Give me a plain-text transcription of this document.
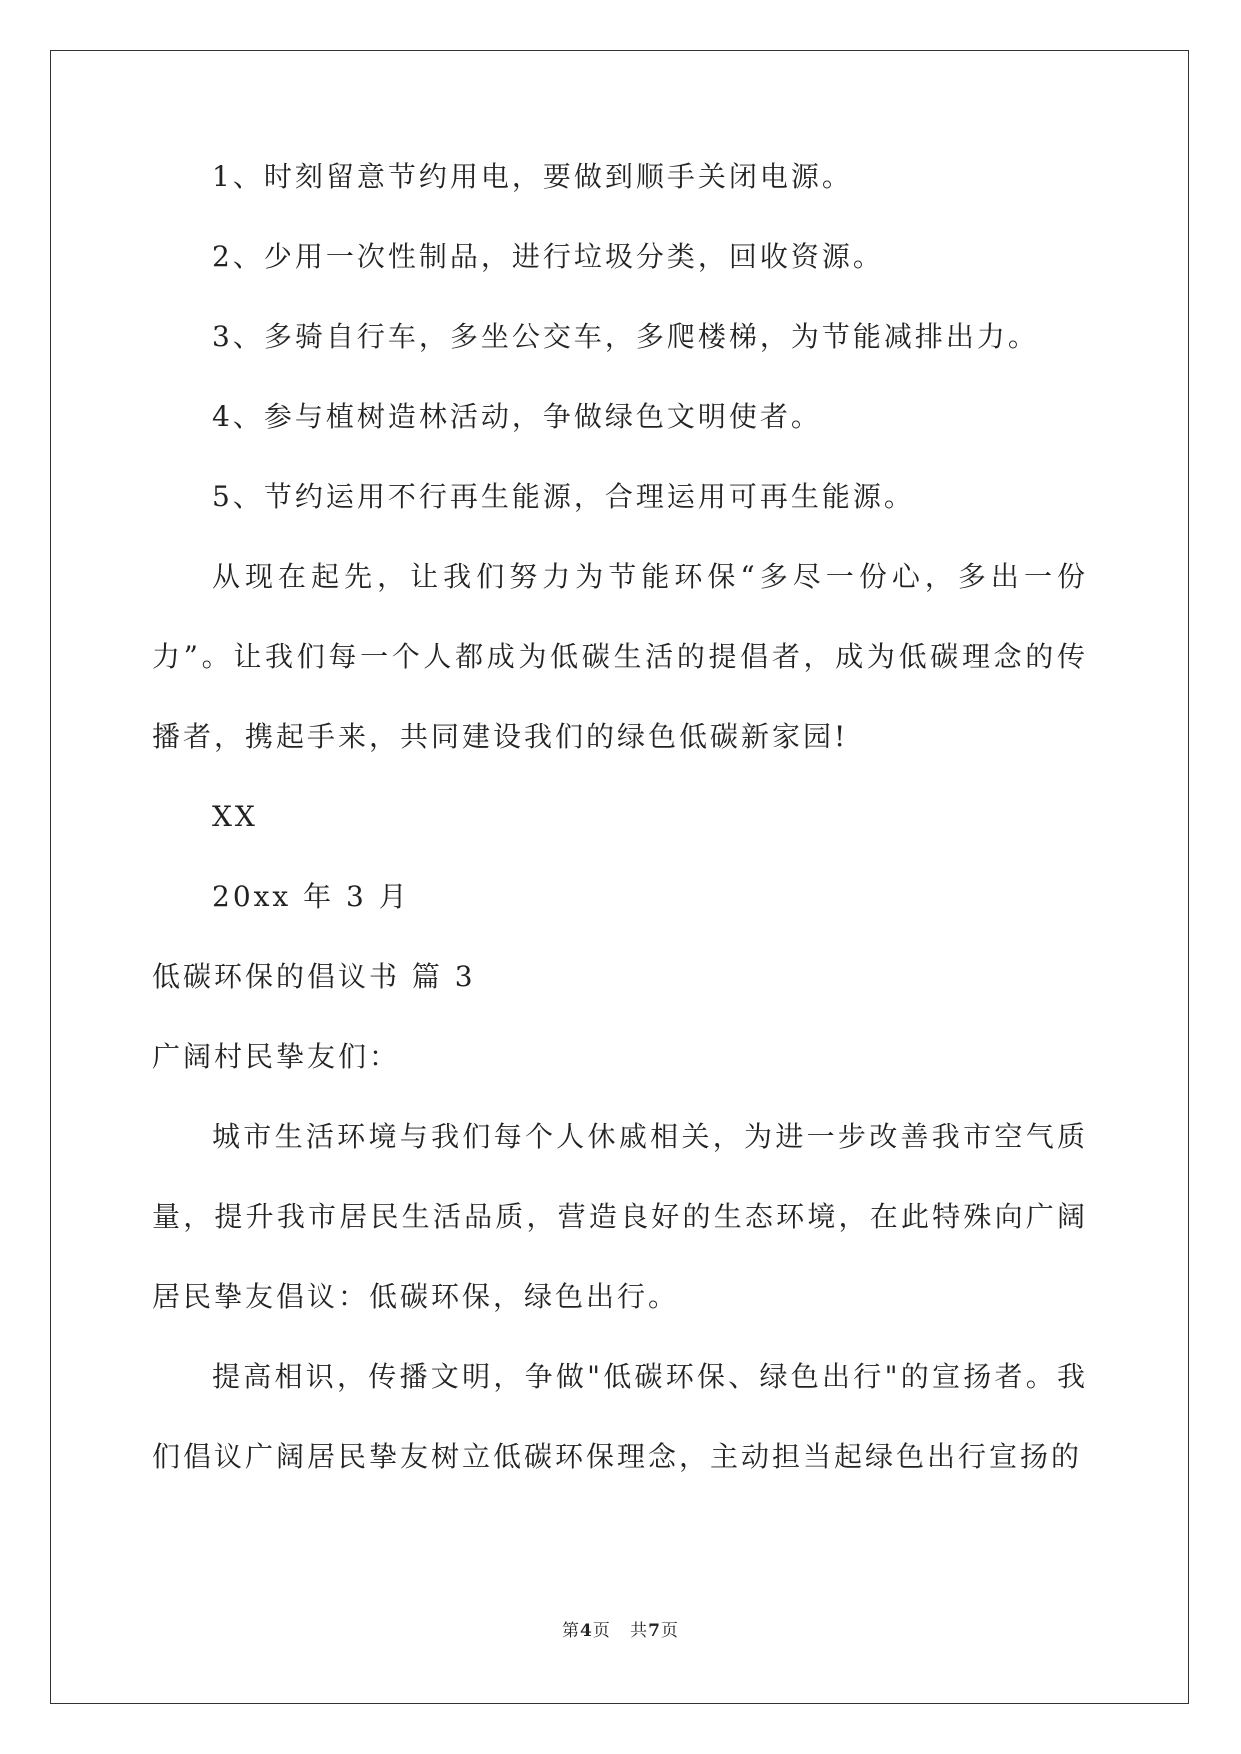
1、时刻留意节约用电，要做到顺手关闭电源。
2、少用一次性制品，进行垃圾分类，回收资源。
3、多骑自行车，多坐公交车，多爬楼梯，为节能减排出力。
4、参与植树造林活动，争做绿色文明使者。
5、节约运用不行再生能源，合理运用可再生能源。

从现在起先，让我们努力为节能环保“多尽一份心，多出一份力”。让我们每一个人都成为低碳生活的提倡者，成为低碳理念的传播者，携起手来，共同建设我们的绿色低碳新家园!

XX
20xx 年 3 月
低碳环保的倡议书 篇 3
广阔村民挚友们：

城市生活环境与我们每个人休戚相关，为进一步改善我市空气质量，提升我市居民生活品质，营造良好的生态环境，在此特殊向广阔居民挚友倡议：低碳环保，绿色出行。

提高相识，传播文明，争做"低碳环保、绿色出行"的宣扬者。我们倡议广阔居民挚友树立低碳环保理念，主动担当起绿色出行宣扬的

第4页 共7页
